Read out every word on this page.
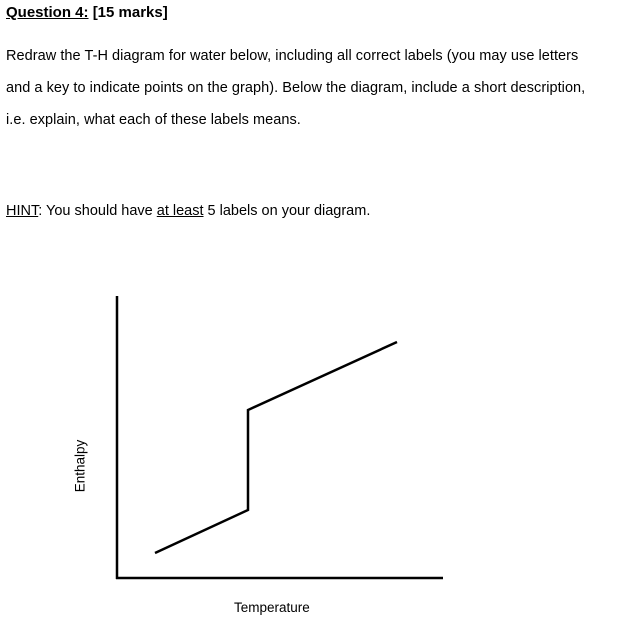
Question 4: [15 marks]
Redraw the T-H diagram for water below, including all correct labels (you may use letters
and a key to indicate points on the graph). Below the diagram, include a short description,
i.e. explain, what each of these labels means.
HINT: You should have at least 5 labels on your diagram.
Enthalpy
Temperature
